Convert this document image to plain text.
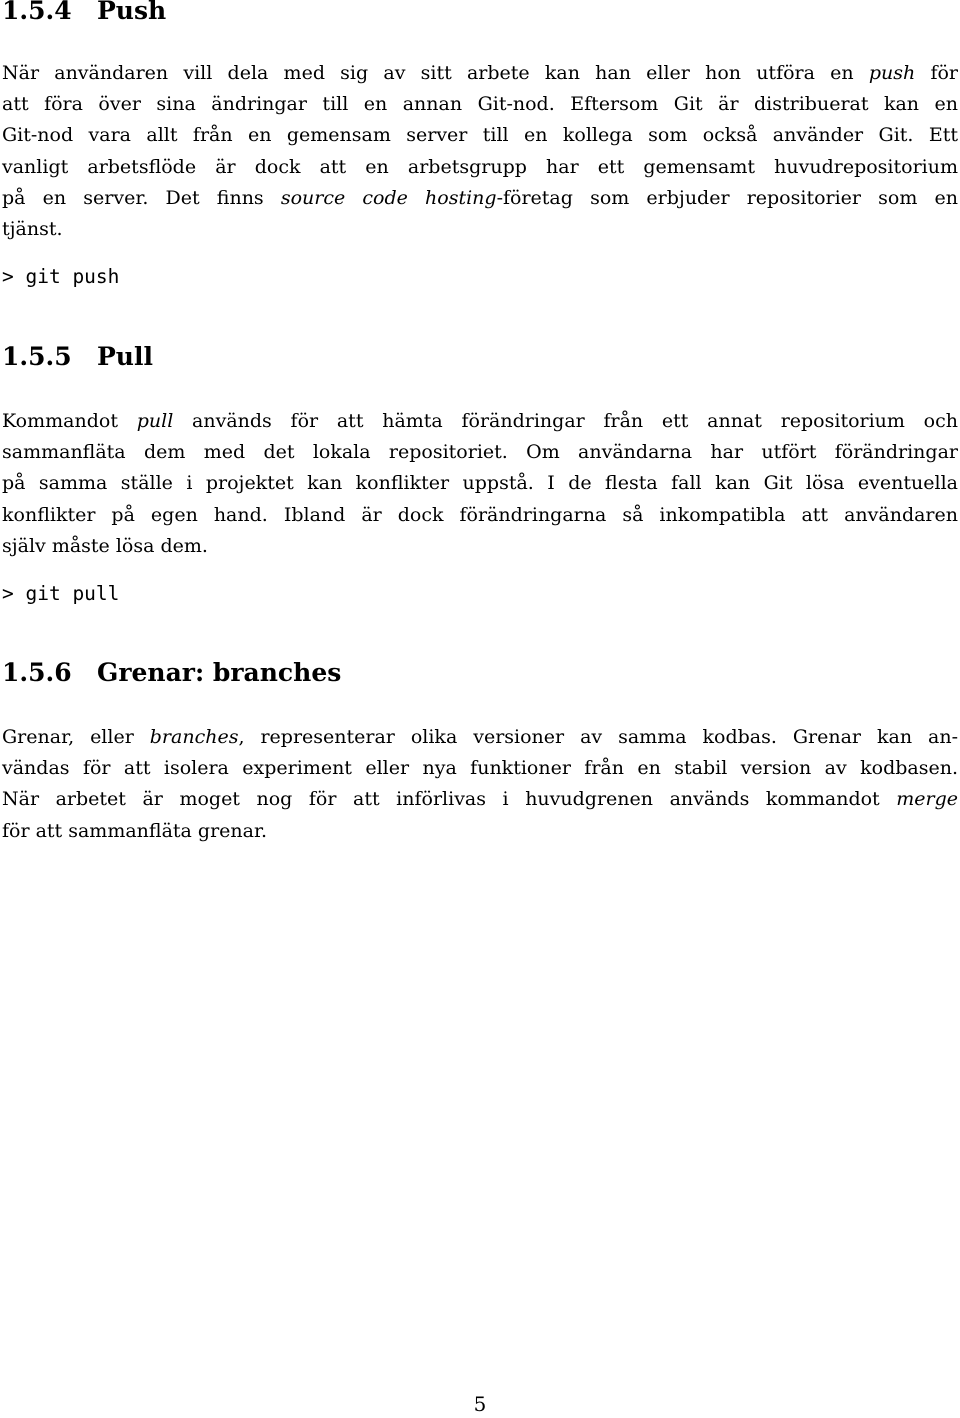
1.5.4 Push
När användaren vill dela med sig av sitt arbete kan han eller hon utföra en push för
att föra över sina ändringar till en annan Git-nod. Eftersom Git är distribuerat kan en
Git-nod vara allt från en gemensam server till en kollega som också använder Git. Ett
vanligt arbetsflöde är dock att en arbetsgrupp har ett gemensamt huvudrepositorium
på en server. Det finns source code hosting-företag som erbjuder repositorier som en
tjänst.
> git push
1.5.5 Pull
Kommandot pull används för att hämta förändringar från ett annat repositorium och
sammanfläta dem med det lokala repositoriet. Om användarna har utfört förändringar
på samma ställe i projektet kan konflikter uppstå. I de flesta fall kan Git lösa eventuella
konflikter på egen hand. Ibland är dock förändringarna så inkompatibla att användaren
själv måste lösa dem.
> git pull
1.5.6 Grenar: branches
Grenar, eller branches, representerar olika versioner av samma kodbas. Grenar kan an-
vändas för att isolera experiment eller nya funktioner från en stabil version av kodbasen.
När arbetet är moget nog för att införlivas i huvudgrenen används kommandot merge
för att sammanfläta grenar.
5
